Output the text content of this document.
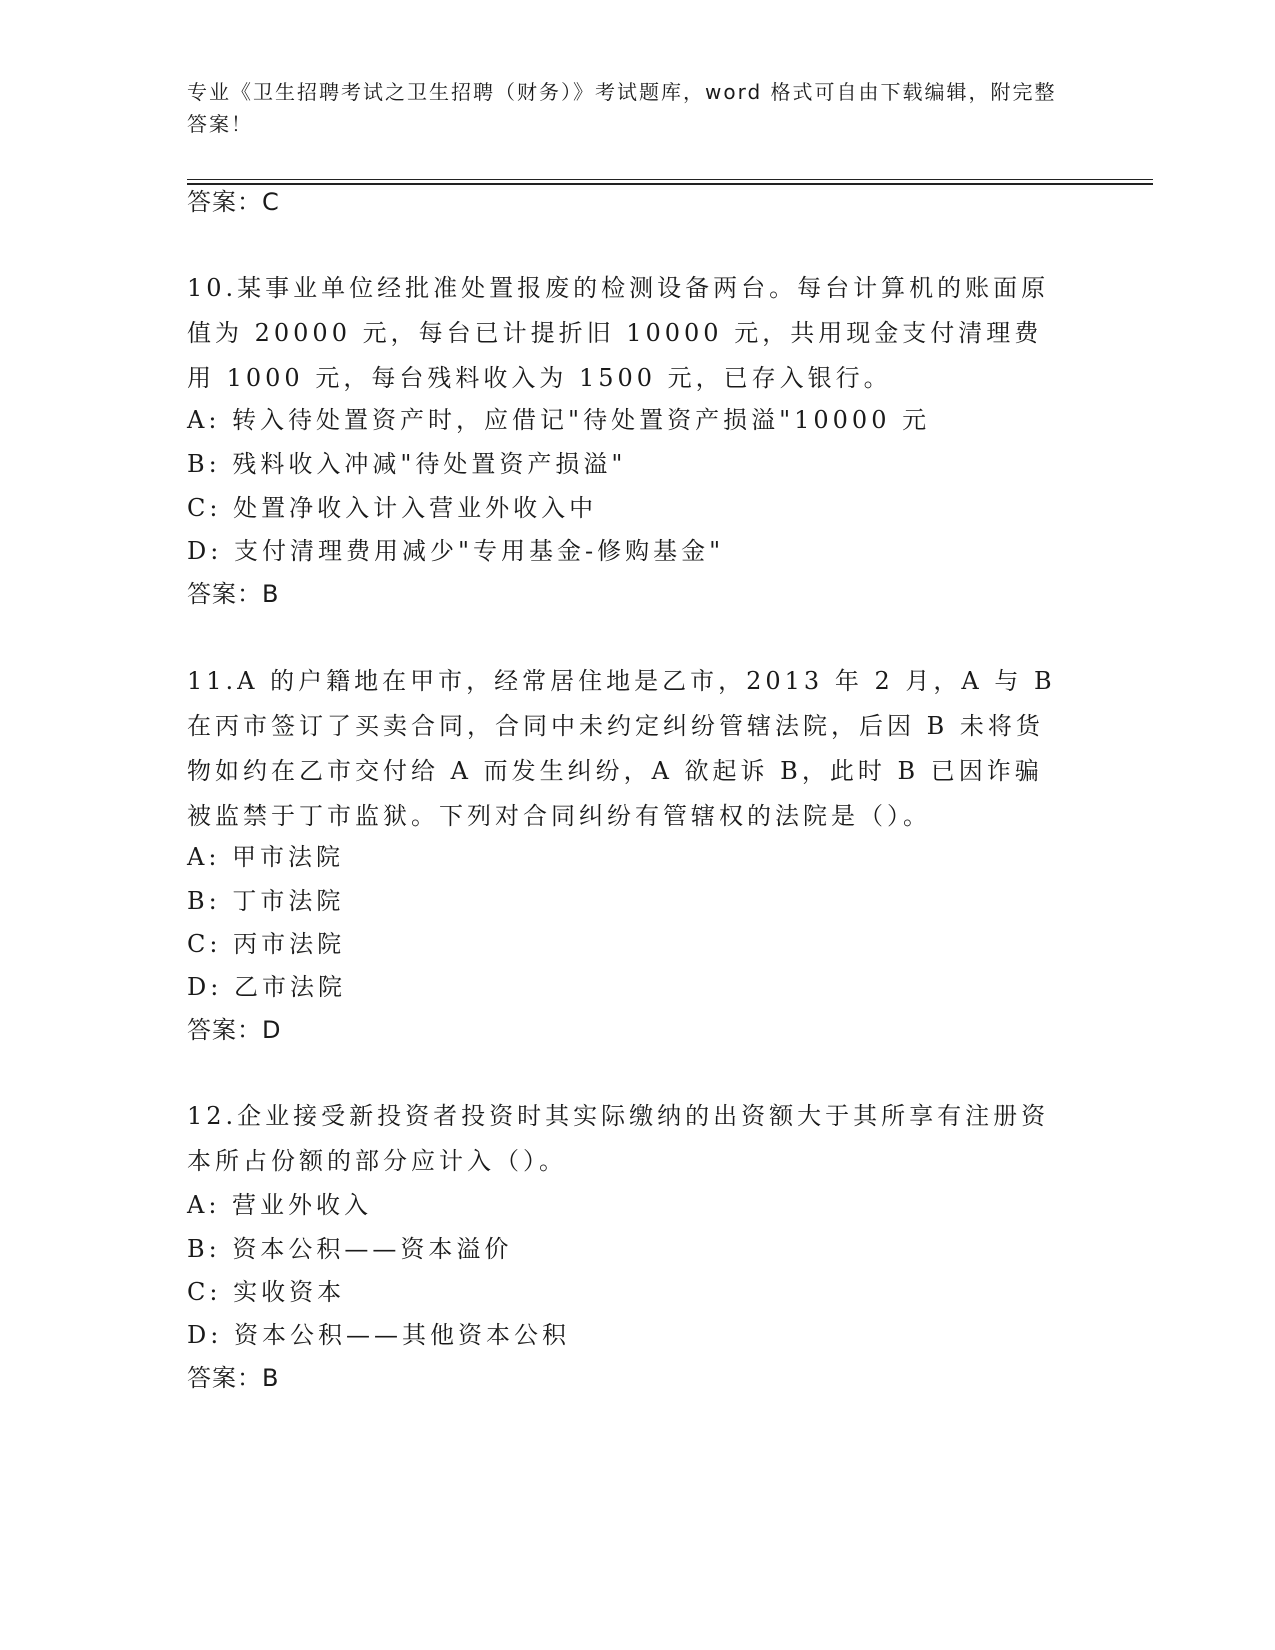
专业《卫生招聘考试之卫生招聘（财务）》考试题库，word 格式可自由下载编辑，附完整答案！
答案：C
10.某事业单位经批准处置报废的检测设备两台。每台计算机的账面原值为 20000 元，每台已计提折旧 10000 元，共用现金支付清理费用 1000 元，每台残料收入为 1500 元，已存入银行。
A: 转入待处置资产时，应借记"待处置资产损溢"10000 元
B: 残料收入冲减"待处置资产损溢"
C: 处置净收入计入营业外收入中
D: 支付清理费用减少"专用基金-修购基金"
答案：B
11.A 的户籍地在甲市，经常居住地是乙市，2013 年 2 月，A 与 B 在丙市签订了买卖合同，合同中未约定纠纷管辖法院，后因 B 未将货物如约在乙市交付给 A 而发生纠纷，A 欲起诉 B，此时 B 已因诈骗被监禁于丁市监狱。下列对合同纠纷有管辖权的法院是（）。
A: 甲市法院
B: 丁市法院
C: 丙市法院
D: 乙市法院
答案：D
12.企业接受新投资者投资时其实际缴纳的出资额大于其所享有注册资本所占份额的部分应计入（）。
A: 营业外收入
B: 资本公积——资本溢价
C: 实收资本
D: 资本公积——其他资本公积
答案：B
